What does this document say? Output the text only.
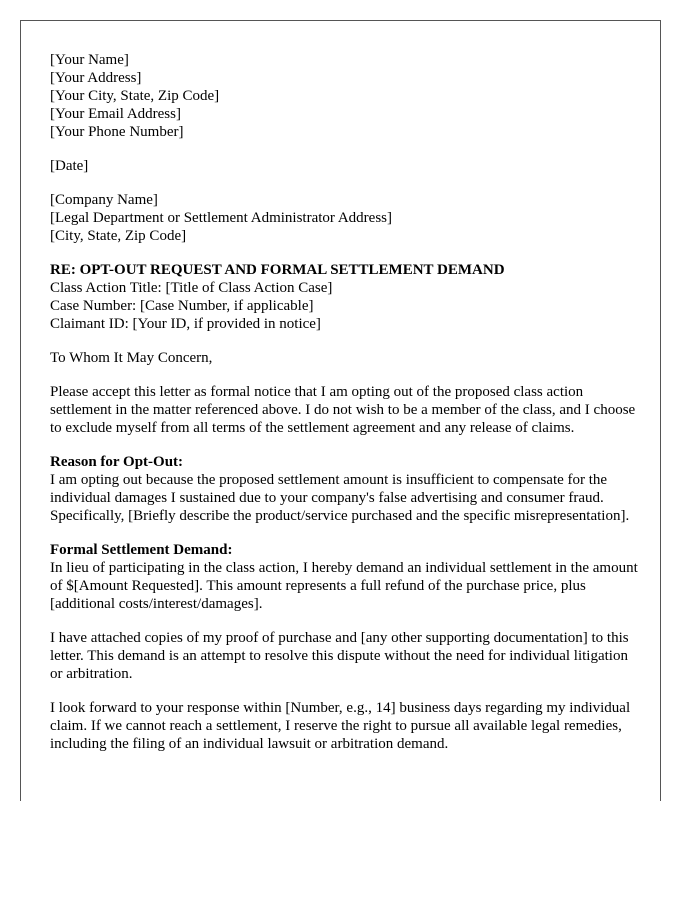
[Your Name]
[Your Address]
[Your City, State, Zip Code]
[Your Email Address]
[Your Phone Number]

[Date]

[Company Name]
[Legal Department or Settlement Administrator Address]
[City, State, Zip Code]

RE: OPT-OUT REQUEST AND FORMAL SETTLEMENT DEMAND
Class Action Title: [Title of Class Action Case]
Case Number: [Case Number, if applicable]
Claimant ID: [Your ID, if provided in notice]

To Whom It May Concern,

Please accept this letter as formal notice that I am opting out of the proposed class action settlement in the matter referenced above. I do not wish to be a member of the class, and I choose to exclude myself from all terms of the settlement agreement and any release of claims.

Reason for Opt-Out:
I am opting out because the proposed settlement amount is insufficient to compensate for the individual damages I sustained due to your company's false advertising and consumer fraud. Specifically, [Briefly describe the product/service purchased and the specific misrepresentation].

Formal Settlement Demand:
In lieu of participating in the class action, I hereby demand an individual settlement in the amount of $[Amount Requested]. This amount represents a full refund of the purchase price, plus [additional costs/interest/damages].

I have attached copies of my proof of purchase and [any other supporting documentation] to this letter. This demand is an attempt to resolve this dispute without the need for individual litigation or arbitration.

I look forward to your response within [Number, e.g., 14] business days regarding my individual claim. If we cannot reach a settlement, I reserve the right to pursue all available legal remedies, including the filing of an individual lawsuit or arbitration demand.
